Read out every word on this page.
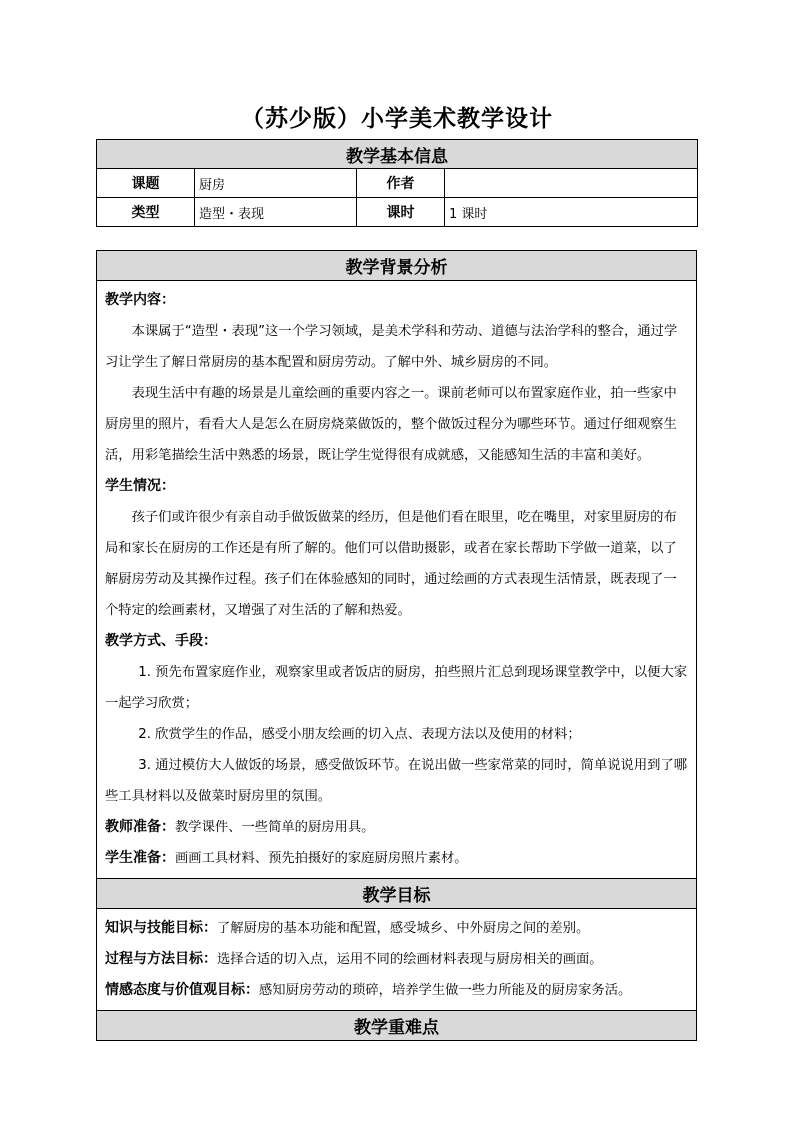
（苏少版）小学美术教学设计
教学基本信息			
课题	厨房	作者	
类型	造型・表现	课时	1 课时
教学背景分析

教学内容：

本课属于“造型・表现”这一个学习领域，是美术学科和劳动、道德与法治学科的整合，通过学习让学生了解日常厨房的基本配置和厨房劳动。了解中外、城乡厨房的不同。

表现生活中有趣的场景是儿童绘画的重要内容之一。课前老师可以布置家庭作业，拍一些家中厨房里的照片，看看大人是怎么在厨房烧菜做饭的，整个做饭过程分为哪些环节。通过仔细观察生活，用彩笔描绘生活中熟悉的场景，既让学生觉得很有成就感，又能感知生活的丰富和美好。

学生情况：

孩子们或许很少有亲自动手做饭做菜的经历，但是他们看在眼里，吃在嘴里，对家里厨房的布局和家长在厨房的工作还是有所了解的。他们可以借助摄影，或者在家长帮助下学做一道菜，以了解厨房劳动及其操作过程。孩子们在体验感知的同时，通过绘画的方式表现生活情景，既表现了一个特定的绘画素材，又增强了对生活的了解和热爱。

教学方式、手段：

1. 预先布置家庭作业，观察家里或者饭店的厨房，拍些照片汇总到现场课堂教学中，以便大家一起学习欣赏；

2. 欣赏学生的作品，感受小朋友绘画的切入点、表现方法以及使用的材料；

3. 通过模仿大人做饭的场景，感受做饭环节。在说出做一些家常菜的同时，简单说说用到了哪些工具材料以及做菜时厨房里的氛围。

教师准备：教学课件、一些简单的厨房用具。

学生准备：画画工具材料、预先拍摄好的家庭厨房照片素材。

教学目标

知识与技能目标：了解厨房的基本功能和配置，感受城乡、中外厨房之间的差别。

过程与方法目标：选择合适的切入点，运用不同的绘画材料表现与厨房相关的画面。

情感态度与价值观目标：感知厨房劳动的琐碎，培养学生做一些力所能及的厨房家务活。

教学重难点
